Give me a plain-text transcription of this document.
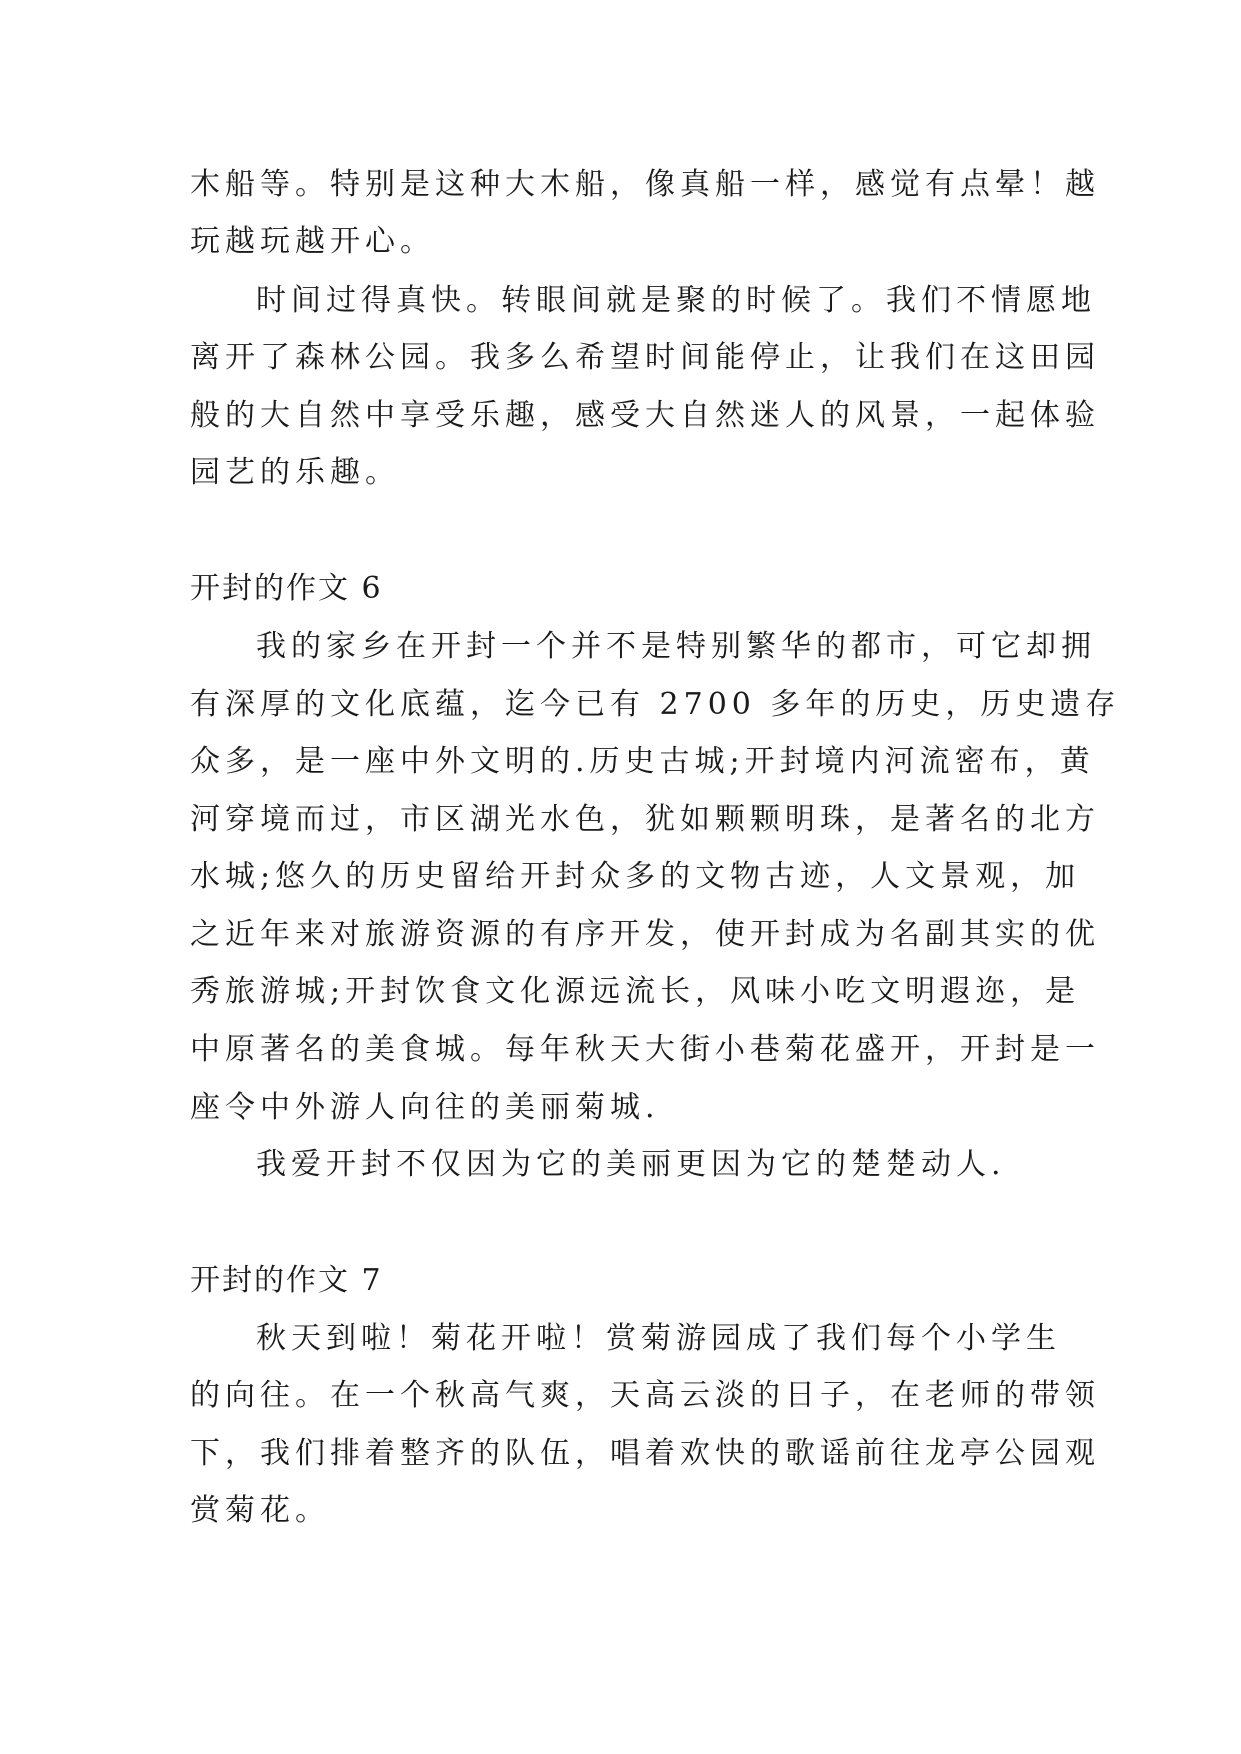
木船等。特别是这种大木船，像真船一样，感觉有点晕！越
玩越玩越开心。
时间过得真快。转眼间就是聚的时候了。我们不情愿地
离开了森林公园。我多么希望时间能停止，让我们在这田园
般的大自然中享受乐趣，感受大自然迷人的风景，一起体验
园艺的乐趣。
开封的作文 6
我的家乡在开封一个并不是特别繁华的都市，可它却拥
有深厚的文化底蕴，迄今已有 2700 多年的历史，历史遗存
众多，是一座中外文明的.历史古城;开封境内河流密布，黄
河穿境而过，市区湖光水色，犹如颗颗明珠，是著名的北方
水城;悠久的历史留给开封众多的文物古迹，人文景观，加
之近年来对旅游资源的有序开发，使开封成为名副其实的优
秀旅游城;开封饮食文化源远流长，风味小吃文明遐迩，是
中原著名的美食城。每年秋天大街小巷菊花盛开，开封是一
座令中外游人向往的美丽菊城.
我爱开封不仅因为它的美丽更因为它的楚楚动人.
开封的作文 7
秋天到啦！菊花开啦！赏菊游园成了我们每个小学生
的向往。在一个秋高气爽，天高云淡的日子，在老师的带领
下，我们排着整齐的队伍，唱着欢快的歌谣前往龙亭公园观
赏菊花。
